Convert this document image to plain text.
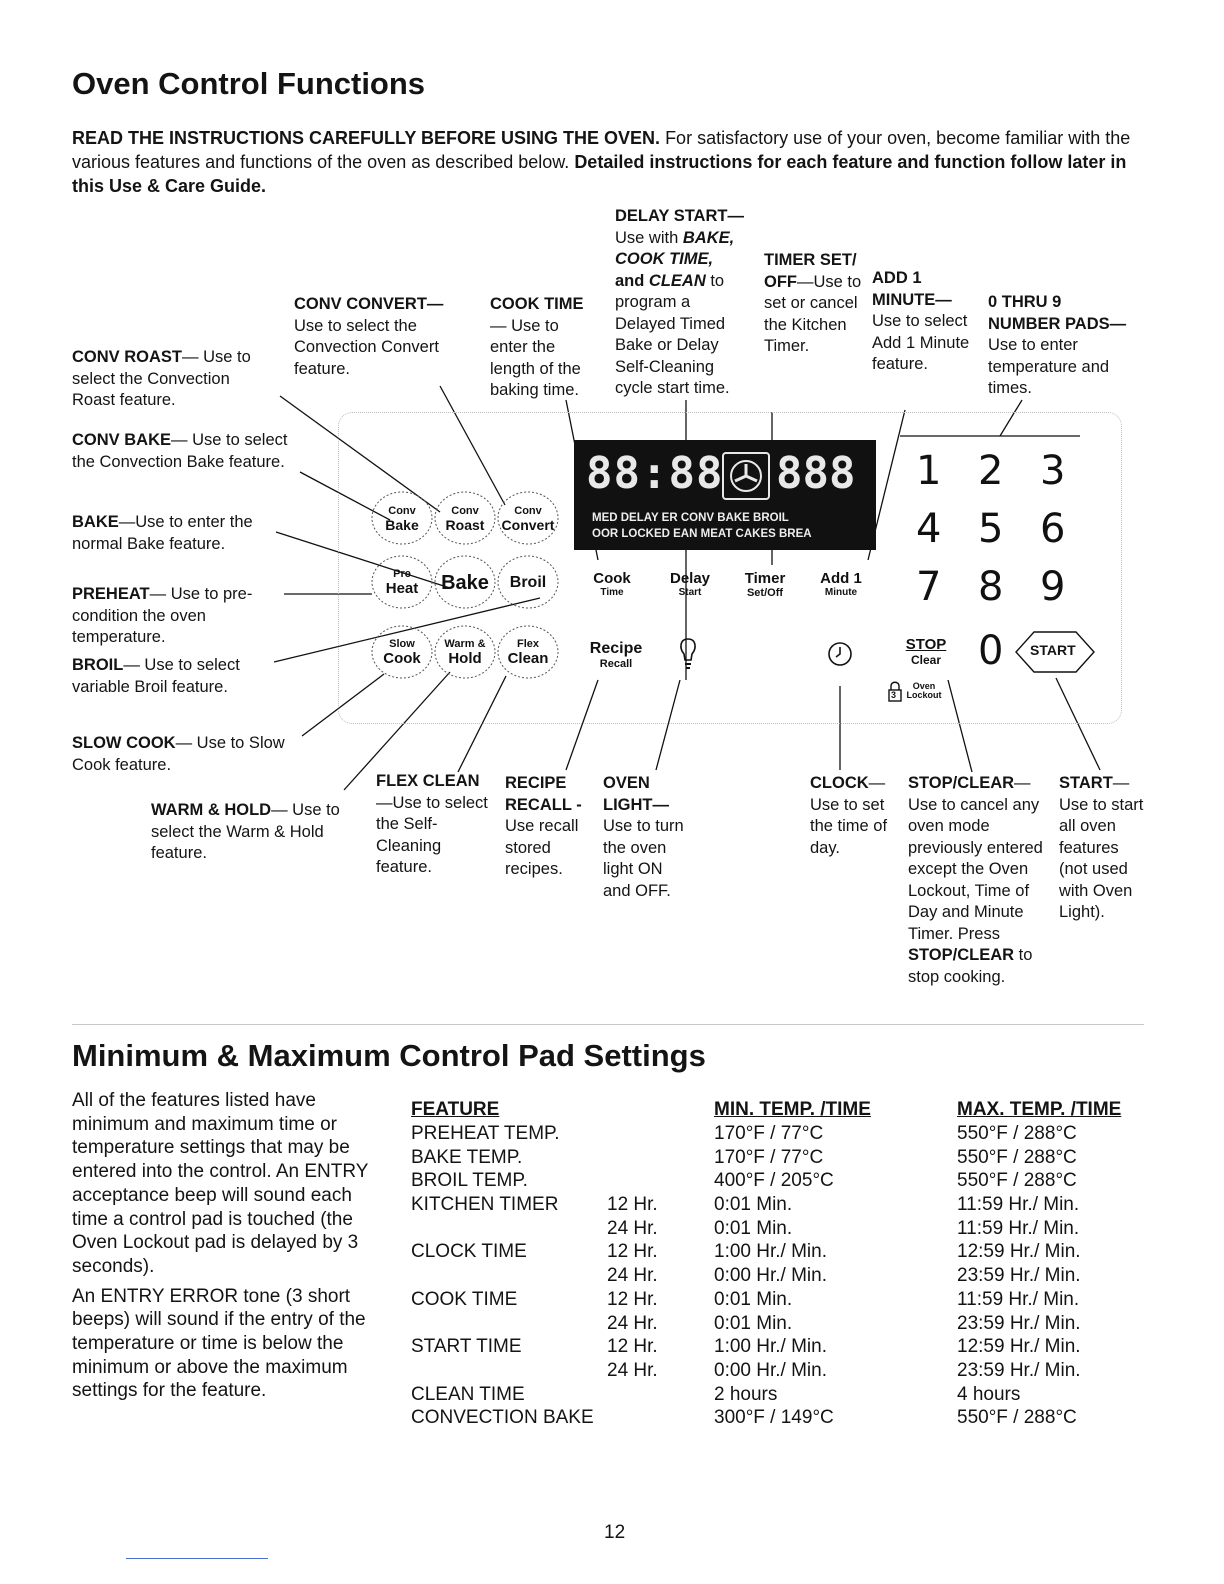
Oven Control Functions
READ THE INSTRUCTIONS CAREFULLY BEFORE USING THE OVEN. For satisfactory use of your oven, become familiar with the various features and functions of the oven as described below. Detailed instructions for each feature and function follow later in this Use & Care Guide.
88:88 888
MED DELAY ER CONV BAKE BROIL
OOR LOCKED EAN MEAT CAKES BREA
Conv
Bake
Conv
Roast
Conv
Convert
Pre
Heat	Bake	Broil
Slow
Cook
Warm &
Hold
Flex
Clean
Cook
Time
Delay
Start
Timer
Set/Off
Add 1
Minute
Recipe
Recall
STOP
Clear
3
Oven
Lockout
1 2 3
4 5 6
7 8 9
0 START
CONV ROAST— Use to select the Convection Roast feature.
CONV CONVERT—
Use to select the Convection Convert feature.
COOK TIME— Use to enter the length of the baking time.
DELAY START—
Use with BAKE,
COOK TIME,
and CLEAN to program a Delayed Timed Bake or Delay Self-Cleaning cycle start time.
TIMER SET/ OFF—Use to set or cancel the Kitchen Timer.
ADD 1 MINUTE—Use to select Add 1 Minute feature.
0 THRU 9 NUMBER PADS—Use to enter temperature and times.
CONV BAKE— Use to select the Convection Bake feature.
BAKE—Use to enter the normal Bake feature.
PREHEAT— Use to pre-condition the oven temperature.
BROIL— Use to select variable Broil feature.
SLOW COOK— Use to Slow Cook feature.
WARM & HOLD— Use to select the Warm & Hold feature.
FLEX CLEAN—Use to select the Self-Cleaning feature.
RECIPE RECALL -
Use recall stored recipes.
OVEN LIGHT—
Use to turn the oven light ON and OFF.
CLOCK— Use to set the time of day.
STOP/CLEAR— Use to cancel any oven mode previously entered except the Oven Lockout, Time of Day and Minute Timer. Press STOP/CLEAR to stop cooking.
START— Use to start all oven features (not used with Oven Light).
Minimum & Maximum Control Pad Settings
All of the features listed have minimum and maximum time or temperature settings that may be entered into the control. An ENTRY acceptance beep will sound each time a control pad is touched (the Oven Lockout pad is delayed by 3 seconds).
An ENTRY ERROR tone (3 short beeps) will sound if the entry of the temperature or time is below the minimum or above the maximum settings for the feature.
FEATURE	MIN. TEMP. /TIME	MAX. TEMP. /TIME
PREHEAT TEMP.	170°F / 77°C	550°F / 288°C
BAKE TEMP.	170°F / 77°C	550°F / 288°C
BROIL TEMP.	400°F / 205°C	550°F / 288°C
KITCHEN TIMER	12 Hr.	0:01 Min.	11:59 Hr./ Min.
24 Hr.	0:01 Min.	11:59 Hr./ Min.
CLOCK TIME	12 Hr.	1:00 Hr./ Min.	12:59 Hr./ Min.
24 Hr.	0:00 Hr./ Min.	23:59 Hr./ Min.
COOK TIME	12 Hr.	0:01 Min.	11:59 Hr./ Min.
24 Hr.	0:01 Min.	23:59 Hr./ Min.
START TIME	12 Hr.	1:00 Hr./ Min.	12:59 Hr./ Min.
24 Hr.	0:00 Hr./ Min.	23:59 Hr./ Min.
CLEAN TIME	2 hours	4 hours
CONVECTION BAKE	300°F / 149°C	550°F / 288°C
12
